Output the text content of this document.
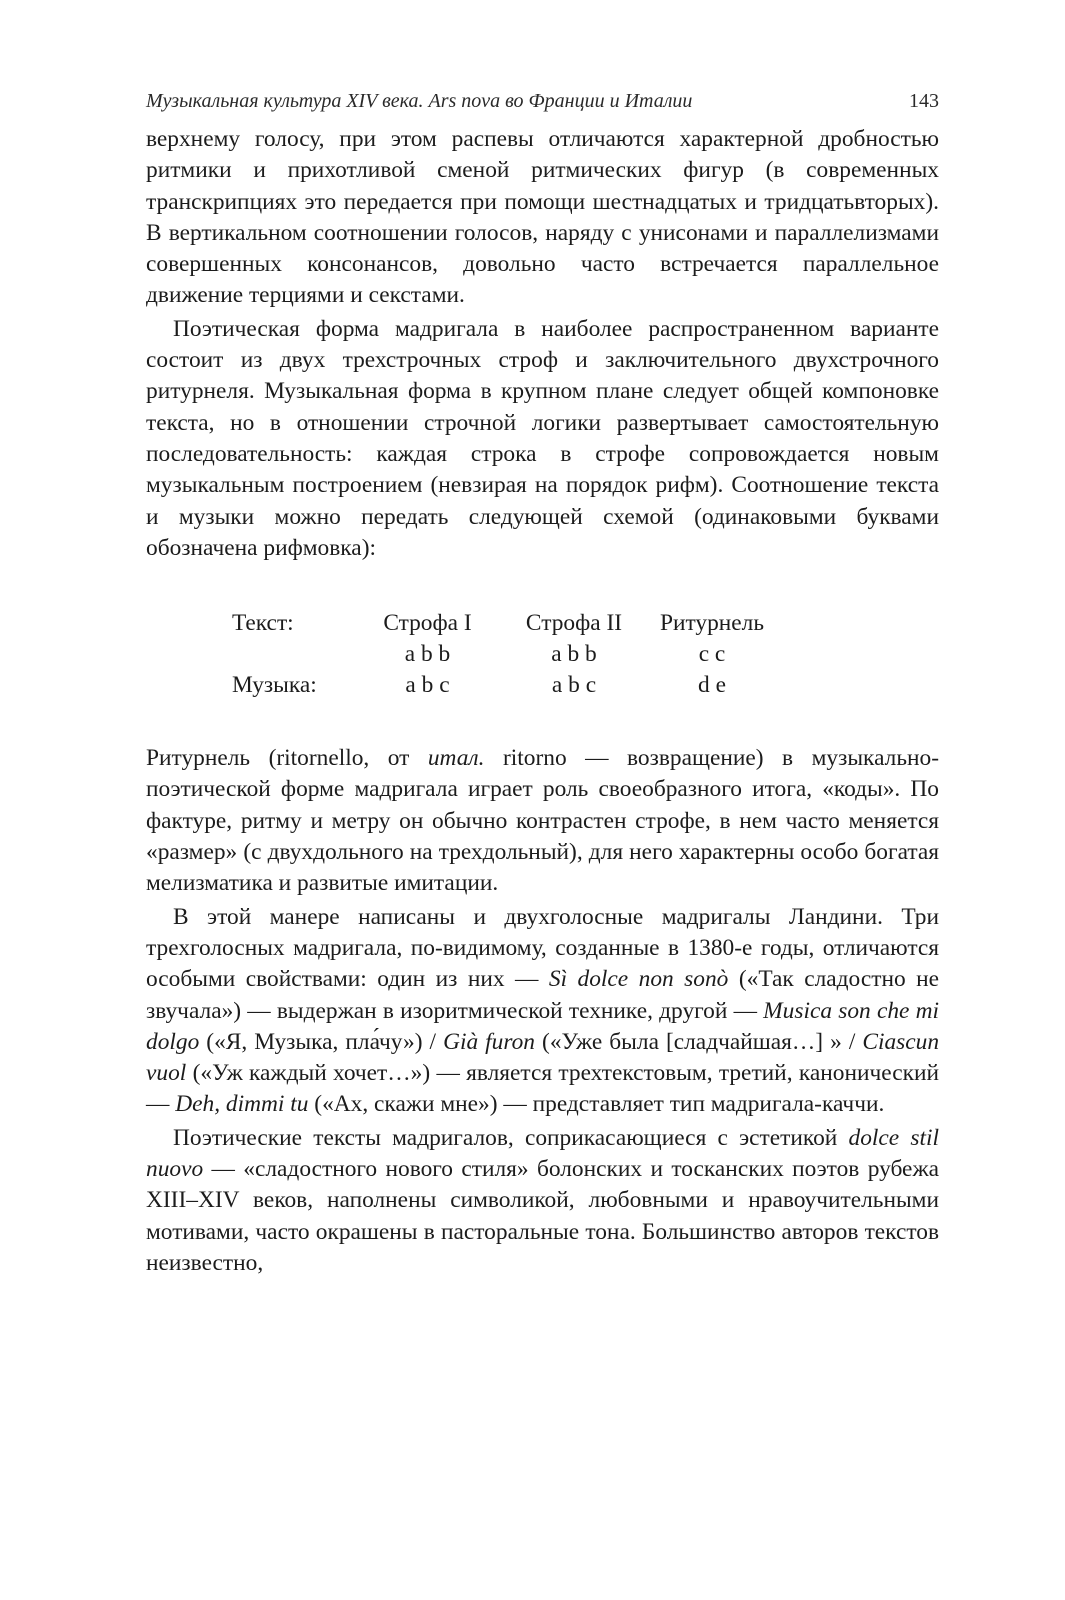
Музыкальная культура XIV века. Ars nova во Франции и Италии	143

верхнему голосу, при этом распевы отличаются характерной дробностью ритмики и прихотливой сменой ритмических фигур (в современных транскрипциях это передается при помощи шестнадцатых и тридцатьвторых). В вертикальном соотношении голосов, наряду с унисонами и параллелизмами совершенных консонансов, довольно часто встречается параллельное движение терциями и секстами.

Поэтическая форма мадригала в наиболее распространенном варианте состоит из двух трехстрочных строф и заключительного двухстрочного ритурнеля. Музыкальная форма в крупном плане следует общей компоновке текста, но в отношении строчной логики развертывает самостоятельную последовательность: каждая строка в строфе сопровождается новым музыкальным построением (невзирая на порядок рифм). Соотношение текста и музыки можно передать следующей схемой (одинаковыми буквами обозначена рифмовка):

Текст:	Строфа I	Строфа II	Ритурнель
	a b b	a b b	c c
Музыка:	a b c	a b c	d e

Ритурнель (ritornello, от итал. ritorno — возвращение) в музыкально-поэтической форме мадригала играет роль своеобразного итога, «коды». По фактуре, ритму и метру он обычно контрастен строфе, в нем часто меняется «размер» (с двухдольного на трехдольный), для него характерны особо богатая мелизматика и развитые имитации.

В этой манере написаны и двухголосные мадригалы Ландини. Три трехголосных мадригала, по-видимому, созданные в 1380-е годы, отличаются особыми свойствами: один из них — Sì dolce non sonò («Так сладостно не звучала») — выдержан в изоритмической технике, другой — Musica son che mi dolgo («Я, Музыка, пла́чу») / Già furon («Уже была [сладчайшая…] » / Ciascun vuol («Уж каждый хочет…») — является трехтекстовым, третий, канонический — Deh, dimmi tu («Ах, скажи мне») — представляет тип мадригала-каччи.

Поэтические тексты мадригалов, соприкасающиеся с эстетикой dolce stil nuovo — «сладостного нового стиля» болонских и тосканских поэтов рубежа XIII–XIV веков, наполнены символикой, любовными и нравоучительными мотивами, часто окрашены в пасторальные тона. Большинство авторов текстов неизвестно,
